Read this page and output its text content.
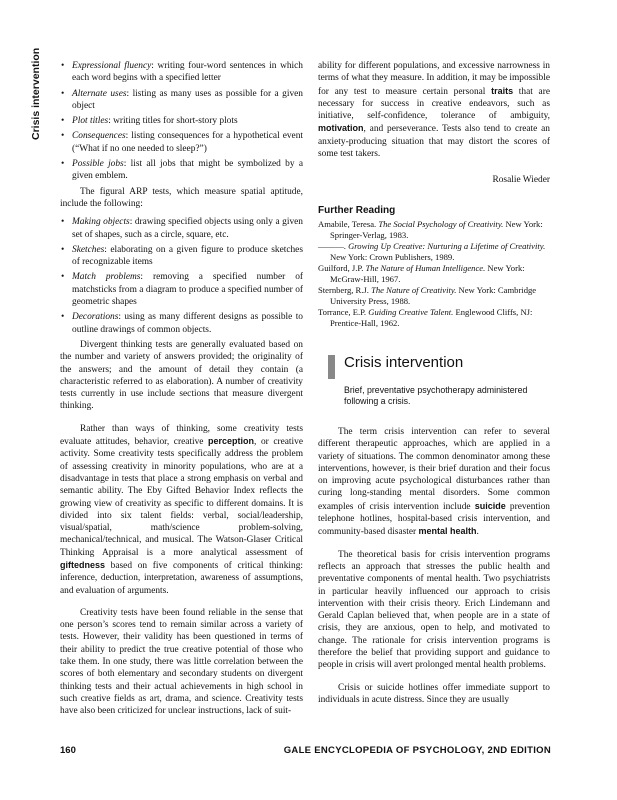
Crisis intervention	• Expressional fluency: writing four-word sentences in which each word begins with a specified letter
• Alternate uses: listing as many uses as possible for a given object
• Plot titles: writing titles for short-story plots
• Consequences: listing consequences for a hypothetical event (“What if no one needed to sleep?”)
• Possible jobs: list all jobs that might be symbolized by a given emblem.

The figural ARP tests, which measure spatial aptitude, include the following:

• Making objects: drawing specified objects using only a given set of shapes, such as a circle, square, etc.
• Sketches: elaborating on a given figure to produce sketches of recognizable items
• Match problems: removing a specified number of matchsticks from a diagram to produce a specified number of geometric shapes
• Decorations: using as many different designs as possible to outline drawings of common objects.

Divergent thinking tests are generally evaluated based on the number and variety of answers provided; the originality of the answers; and the amount of detail they contain (a characteristic referred to as elaboration). A number of creativity tests currently in use include sections that measure divergent thinking.

Rather than ways of thinking, some creativity tests evaluate attitudes, behavior, creative perception, or creative activity. Some creativity tests specifically address the problem of assessing creativity in minority populations, who are at a disadvantage in tests that place a strong emphasis on verbal and semantic ability. The Eby Gifted Behavior Index reflects the growing view of creativity as specific to different domains. It is divided into six talent fields: verbal, social/leadership, visual/spatial, math/science problem-solving, mechanical/technical, and musical. The Watson-Glaser Critical Thinking Appraisal is a more analytical assessment of giftedness based on five components of critical thinking: inference, deduction, interpretation, awareness of assumptions, and evaluation of arguments.

Creativity tests have been found reliable in the sense that one person’s scores tend to remain similar across a variety of tests. However, their validity has been questioned in terms of their ability to predict the true creative potential of those who take them. In one study, there was little correlation between the scores of both elementary and secondary students on divergent thinking tests and their actual achievements in high school in such creative fields as art, drama, and science. Creativity tests have also been criticized for unclear instructions, lack of suit-

ability for different populations, and excessive narrowness in terms of what they measure. In addition, it may be impossible for any test to measure certain personal traits that are necessary for success in creative endeavors, such as initiative, self-confidence, tolerance of ambiguity, motivation, and perseverance. Tests also tend to create an anxiety-producing situation that may distort the scores of some test takers.

Rosalie Wieder

Further Reading

Amabile, Teresa. The Social Psychology of Creativity. New York: Springer-Verlag, 1983.

———. Growing Up Creative: Nurturing a Lifetime of Creativity. New York: Crown Publishers, 1989.

Guilford, J.P. The Nature of Human Intelligence. New York: McGraw-Hill, 1967.

Sternberg, R.J. The Nature of Creativity. New York: Cambridge University Press, 1988.

Torrance, E.P. Guiding Creative Talent. Englewood Cliffs, NJ: Prentice-Hall, 1962.

Crisis intervention
Brief, preventative psychotherapy administered following a crisis.

The term crisis intervention can refer to several different therapeutic approaches, which are applied in a variety of situations. The common denominator among these interventions, however, is their brief duration and their focus on improving acute psychological disturbances rather than curing long-standing mental disorders. Some common examples of crisis intervention include suicide prevention telephone hotlines, hospital-based crisis intervention, and community-based disaster mental health.

The theoretical basis for crisis intervention programs reflects an approach that stresses the public health and preventative components of mental health. Two psychiatrists in particular heavily influenced our approach to crisis intervention with their crisis theory. Erich Lindemann and Gerald Caplan believed that, when people are in a state of crisis, they are anxious, open to help, and motivated to change. The rationale for crisis intervention programs is therefore the belief that providing support and guidance to people in crisis will avert prolonged mental health problems.

Crisis or suicide hotlines offer immediate support to individuals in acute distress. Since they are usually

160	GALE ENCYCLOPEDIA OF PSYCHOLOGY, 2ND EDITION
